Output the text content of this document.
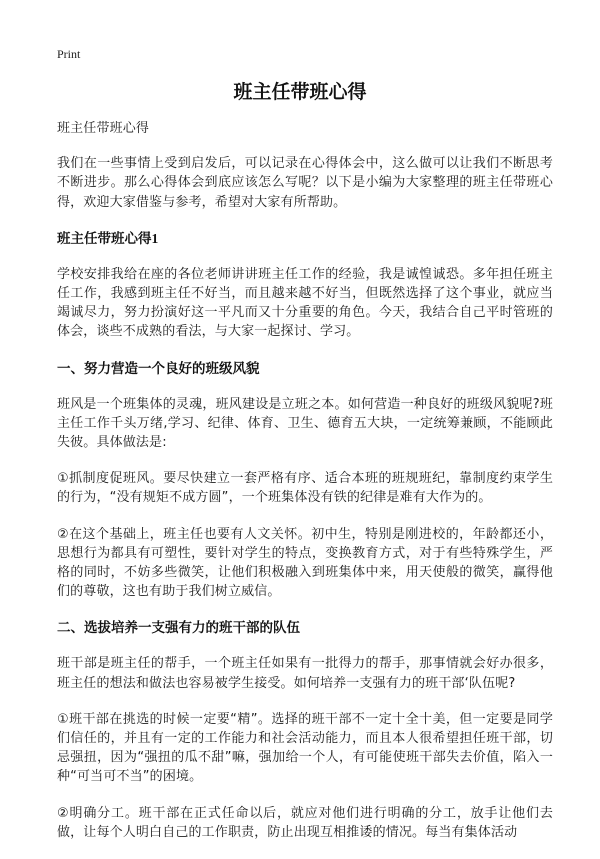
Print
班主任带班心得

班主任带班心得

我们在一些事情上受到启发后，可以记录在心得体会中，这么做可以让我们不断思考不断进步。那么心得体会到底应该怎么写呢？以下是小编为大家整理的班主任带班心得，欢迎大家借鉴与参考，希望对大家有所帮助。

班主任带班心得1

学校安排我给在座的各位老师讲讲班主任工作的经验，我是诚惶诚恐。多年担任班主任工作，我感到班主任不好当，而且越来越不好当，但既然选择了这个事业，就应当竭诚尽力，努力扮演好这一平凡而又十分重要的角色。今天，我结合自己平时管班的体会，谈些不成熟的看法，与大家一起探讨、学习。

一、努力营造一个良好的班级风貌

班风是一个班集体的灵魂，班风建设是立班之本。如何营造一种良好的班级风貌呢?班主任工作千头万绪,学习、纪律、体育、卫生、德育五大块，一定统筹兼顾，不能顾此失彼。具体做法是:

①抓制度促班风。要尽快建立一套严格有序、适合本班的班规班纪，靠制度约束学生的行为，“没有规矩不成方圆”，一个班集体没有铁的纪律是难有大作为的。

②在这个基础上，班主任也要有人文关怀。初中生，特别是刚进校的，年龄都还小，思想行为都具有可塑性，要针对学生的特点，变换教育方式，对于有些特殊学生，严格的同时，不妨多些微笑，让他们积极融入到班集体中来，用天使般的微笑，赢得他们的尊敬，这也有助于我们树立威信。

二、选拔培养一支强有力的班干部的队伍

班干部是班主任的帮手，一个班主任如果有一批得力的帮手，那事情就会好办很多，班主任的想法和做法也容易被学生接受。如何培养一支强有力的班干部‘队伍呢?

①班干部在挑选的时候一定要“精”。选择的班干部不一定十全十美，但一定要是同学们信任的，并且有一定的工作能力和社会活动能力，而且本人很希望担任班干部，切忌强扭，因为“强扭的瓜不甜”嘛，强加给一个人，有可能使班干部失去价值，陷入一种“可当可不当”的困境。

②明确分工。班干部在正式任命以后，就应对他们进行明确的分工，放手让他们去做，让每个人明白自己的工作职责，防止出现互相推诿的情况。每当有集体活动
